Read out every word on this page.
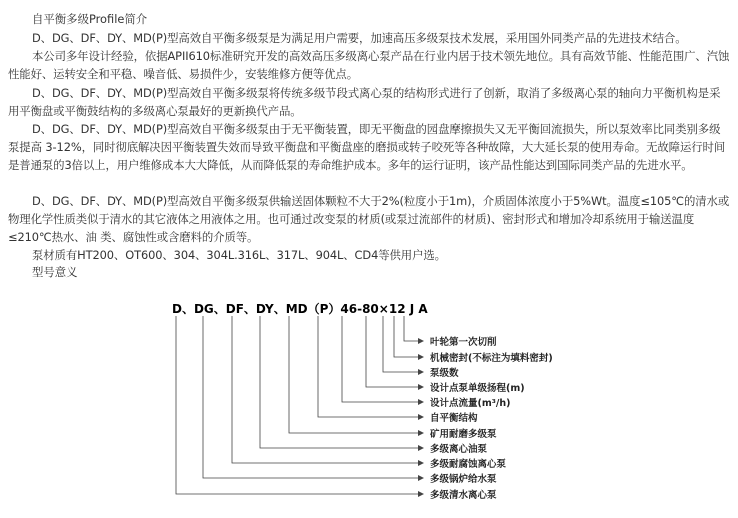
自平衡多级Profile简介

D、DG、DF、DY、MD(P)型高效自平衡多级泵是为满足用户需要，加速高压多级泵技术发展，采用国外同类产品的先进技术结合。

本公司多年设计经验，依据APII610标准研究开发的高效高压多级离心泵产品在行业内居于技术领先地位。具有高效节能、性能范围广、汽蚀性能好、运转安全和平稳、噪音低、易损件少，安装维修方便等优点。

D、DG、DF、DY、MD(P)型高效自平衡多级泵将传统多级节段式离心泵的结构形式进行了创新，取消了多级离心泵的轴向力平衡机构是采用平衡盘或平衡鼓结构的多级离心泵最好的更新换代产品。

D、DG、DF、DY、MD(P)型高效自平衡多级泵由于无平衡装置，即无平衡盘的园盘摩擦损失又无平衡回流损失，所以泵效率比同类别多级泵提高 3-12%，同时彻底解决因平衡装置失效而导致平衡盘和平衡盘座的磨损或转子咬死等各种故障，大大延长泵的使用寿命。无故障运行时间是普通泵的3倍以上，用户维修成本大大降低，从而降低泵的寿命维护成本。多年的运行证明，该产品性能达到国际同类产品的先进水平。

D、DG、DF、DY、MD(P)型高效自平衡多级泵供输送固体颗粒不大于2%(粒度小于1m)，介质固体浓度小于5%Wt。温度≤105℃的清水或 物理化学性质类似于清水的其它液体之用液体之用。也可通过改变泵的材质(或泵过流部件的材质)、密封形式和增加冷却系统用于输送温度≤210℃热水、油 类、腐蚀性或含磨料的介质等。

泵材质有HT200、OT600、304、304L.316L、317L、904L、CD4等供用户选。

型号意义
D、DG、DF、DY、MD（P）46-80×12 J A
叶轮第一次切削
机械密封(不标注为填料密封)
泵级数
设计点泵单级扬程(m)
设计点流量(m³/h)
自平衡结构
矿用耐磨多级泵
多级离心油泵
多级耐腐蚀离心泵
多级锅炉给水泵
多级清水离心泵
